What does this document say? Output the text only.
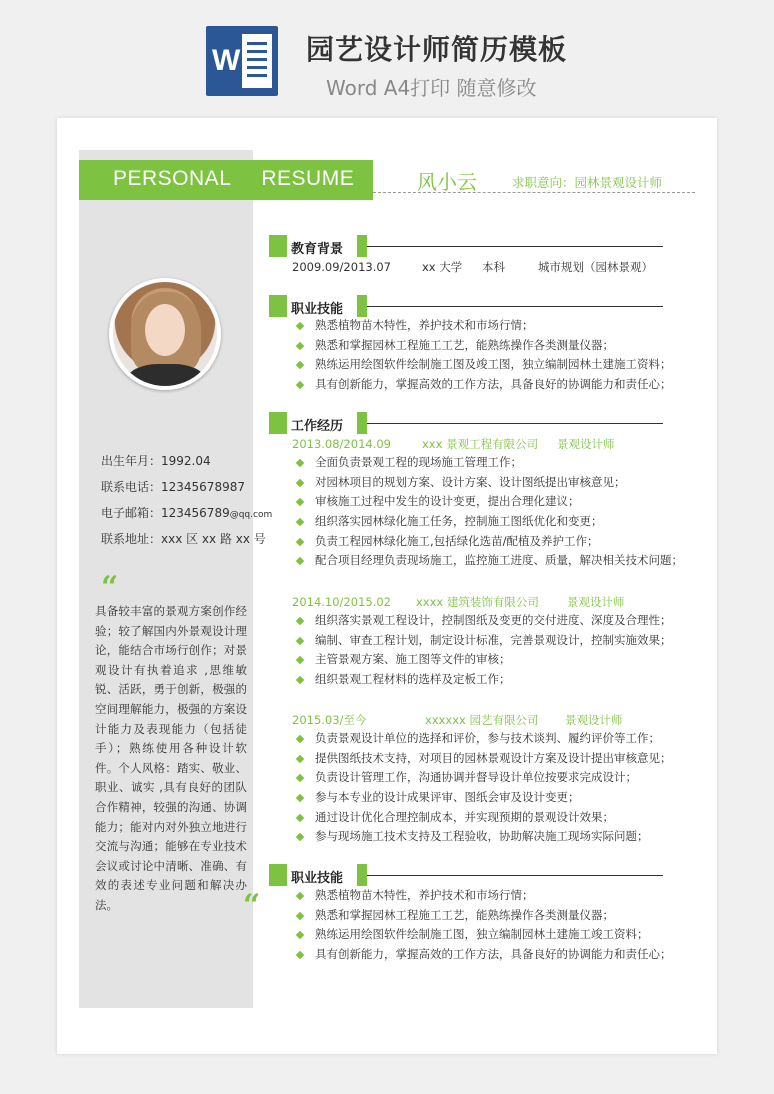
W 园艺设计师简历模板
Word A4打印 随意修改
PERSONAL RESUME	风小云	求职意向：园林景观设计师
出生年月：1992.04
联系电话：12345678987
电子邮箱：123456789@qq.com
联系地址：xxx 区 xx 路 xx 号
“
具备较丰富的景观方案创作经验；较了解国内外景观设计理论，能结合市场行创作；对景观设计有执着追求 ,思维敏锐、活跃，勇于创新，极强的空间理解能力，极强的方案设计能力及表现能力（包括徒手）；熟练使用各种设计软件。个人风格：踏实、敬业、职业、诚实 ,具有良好的团队合作精神，较强的沟通、协调能力；能对内对外独立地进行交流与沟通；能够在专业技术会议或讨论中清晰、准确、有效的表述专业问题和解决办法。	“
教育背景
2009.09/2013.07	xx 大学 本科	城市规划（园林景观）
职业技能
熟悉植物苗木特性，养护技术和市场行情；
熟悉和掌握园林工程施工工艺，能熟练操作各类测量仪器；
熟练运用绘图软件绘制施工图及竣工图，独立编制园林土建施工资料；
具有创新能力，掌握高效的工作方法，具备良好的协调能力和责任心；
工作经历
2013.08/2014.09	xxx 景观工程有限公司 景观设计师
全面负责景观工程的现场施工管理工作；
对园林项目的规划方案、设计方案、设计图纸提出审核意见；
审核施工过程中发生的设计变更，提出合理化建议；
组织落实园林绿化施工任务，控制施工图纸优化和变更；
负责工程园林绿化施工,包括绿化选苗/配植及养护工作；
配合项目经理负责现场施工，监控施工进度、质量，解决相关技术问题；
2014.10/2015.02 xxxx 建筑装饰有限公司 景观设计师
组织落实景观工程设计，控制图纸及变更的交付进度、深度及合理性；
编制、审查工程计划，制定设计标准，完善景观设计，控制实施效果；
主管景观方案、施工图等文件的审核；
组织景观工程材料的选样及定板工作；
2015.03/至今	xxxxxx 园艺有限公司 景观设计师
负责景观设计单位的选择和评价，参与技术谈判、履约评价等工作；
提供图纸技术支持，对项目的园林景观设计方案及设计提出审核意见；
负责设计管理工作，沟通协调并督导设计单位按要求完成设计；
参与本专业的设计成果评审、图纸会审及设计变更；
通过设计优化合理控制成本，并实现预期的景观设计效果；
参与现场施工技术支持及工程验收，协助解决施工现场实际问题；
职业技能
熟悉植物苗木特性，养护技术和市场行情；
熟悉和掌握园林工程施工工艺，能熟练操作各类测量仪器；
熟练运用绘图软件绘制施工图，独立编制园林土建施工竣工资料；
具有创新能力，掌握高效的工作方法，具备良好的协调能力和责任心；
